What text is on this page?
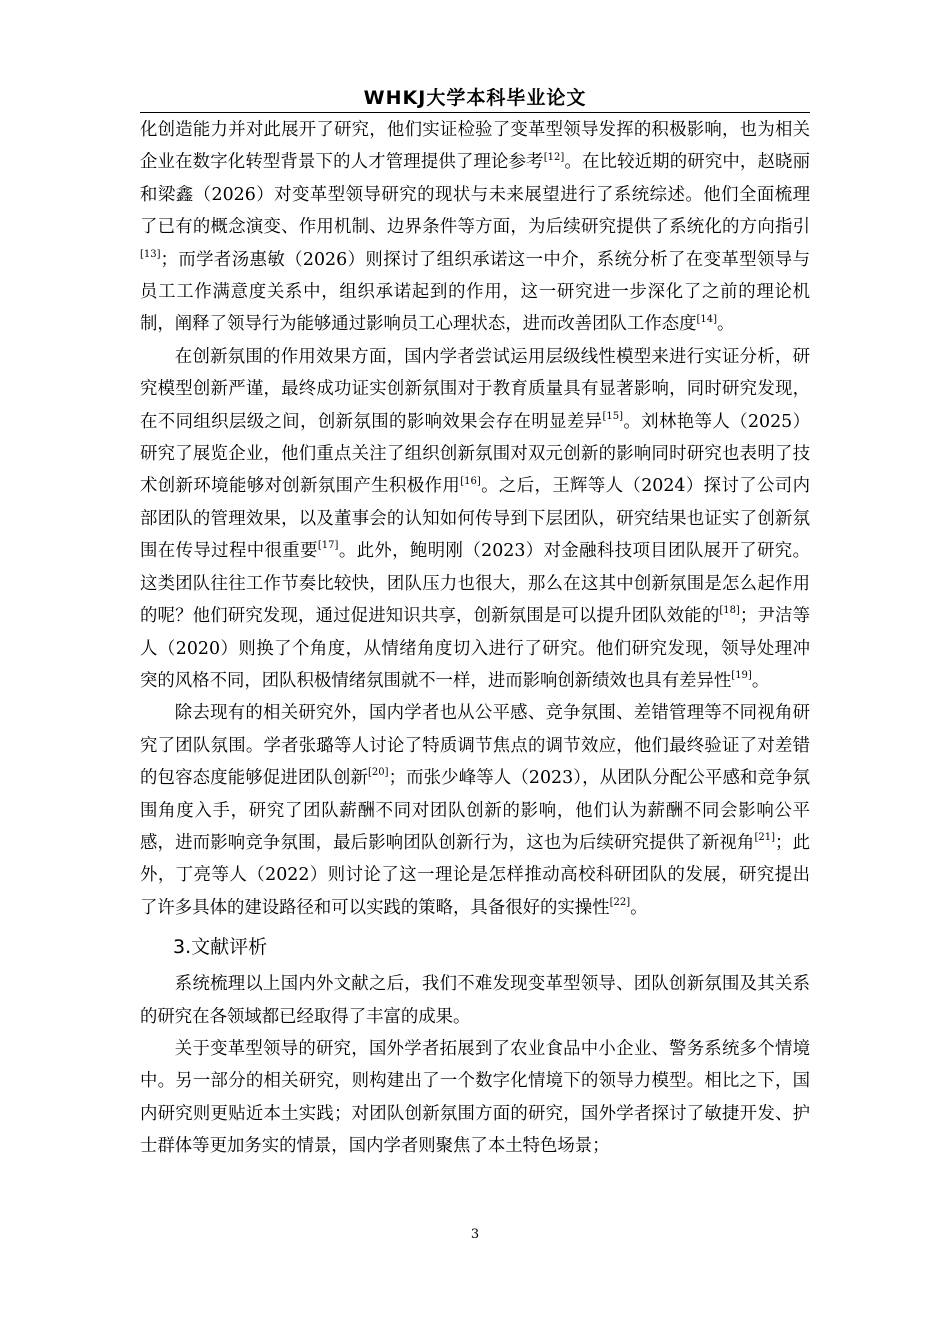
WHKJ大学本科毕业论文

化创造能力并对此展开了研究，他们实证检验了变革型领导发挥的积极影响，也为相关企业在数字化转型背景下的人才管理提供了理论参考[12]。在比较近期的研究中，赵晓丽和梁鑫（2026）对变革型领导研究的现状与未来展望进行了系统综述。他们全面梳理了已有的概念演变、作用机制、边界条件等方面，为后续研究提供了系统化的方向指引[13]；而学者汤惠敏（2026）则探讨了组织承诺这一中介，系统分析了在变革型领导与员工工作满意度关系中，组织承诺起到的作用，这一研究进一步深化了之前的理论机制，阐释了领导行为能够通过影响员工心理状态，进而改善团队工作态度[14]。

在创新氛围的作用效果方面，国内学者尝试运用层级线性模型来进行实证分析，研究模型创新严谨，最终成功证实创新氛围对于教育质量具有显著影响，同时研究发现，在不同组织层级之间，创新氛围的影响效果会存在明显差异[15]。刘林艳等人（2025）研究了展览企业，他们重点关注了组织创新氛围对双元创新的影响同时研究也表明了技术创新环境能够对创新氛围产生积极作用[16]。之后，王辉等人（2024）探讨了公司内部团队的管理效果，以及董事会的认知如何传导到下层团队，研究结果也证实了创新氛围在传导过程中很重要[17]。此外，鲍明刚（2023）对金融科技项目团队展开了研究。这类团队往往工作节奏比较快，团队压力也很大，那么在这其中创新氛围是怎么起作用的呢？他们研究发现，通过促进知识共享，创新氛围是可以提升团队效能的[18]；尹洁等人（2020）则换了个角度，从情绪角度切入进行了研究。他们研究发现，领导处理冲突的风格不同，团队积极情绪氛围就不一样，进而影响创新绩效也具有差异性[19]。

除去现有的相关研究外，国内学者也从公平感、竞争氛围、差错管理等不同视角研究了团队氛围。学者张璐等人讨论了特质调节焦点的调节效应，他们最终验证了对差错的包容态度能够促进团队创新[20]；而张少峰等人（2023），从团队分配公平感和竞争氛围角度入手，研究了团队薪酬不同对团队创新的影响，他们认为薪酬不同会影响公平感，进而影响竞争氛围，最后影响团队创新行为，这也为后续研究提供了新视角[21]；此外，丁亮等人（2022）则讨论了这一理论是怎样推动高校科研团队的发展，研究提出了许多具体的建设路径和可以实践的策略，具备很好的实操性[22]。

3.文献评析

系统梳理以上国内外文献之后，我们不难发现变革型领导、团队创新氛围及其关系的研究在各领域都已经取得了丰富的成果。

关于变革型领导的研究，国外学者拓展到了农业食品中小企业、警务系统多个情境中。另一部分的相关研究，则构建出了一个数字化情境下的领导力模型。相比之下，国内研究则更贴近本土实践；对团队创新氛围方面的研究，国外学者探讨了敏捷开发、护士群体等更加务实的情景，国内学者则聚焦了本土特色场景；

3
